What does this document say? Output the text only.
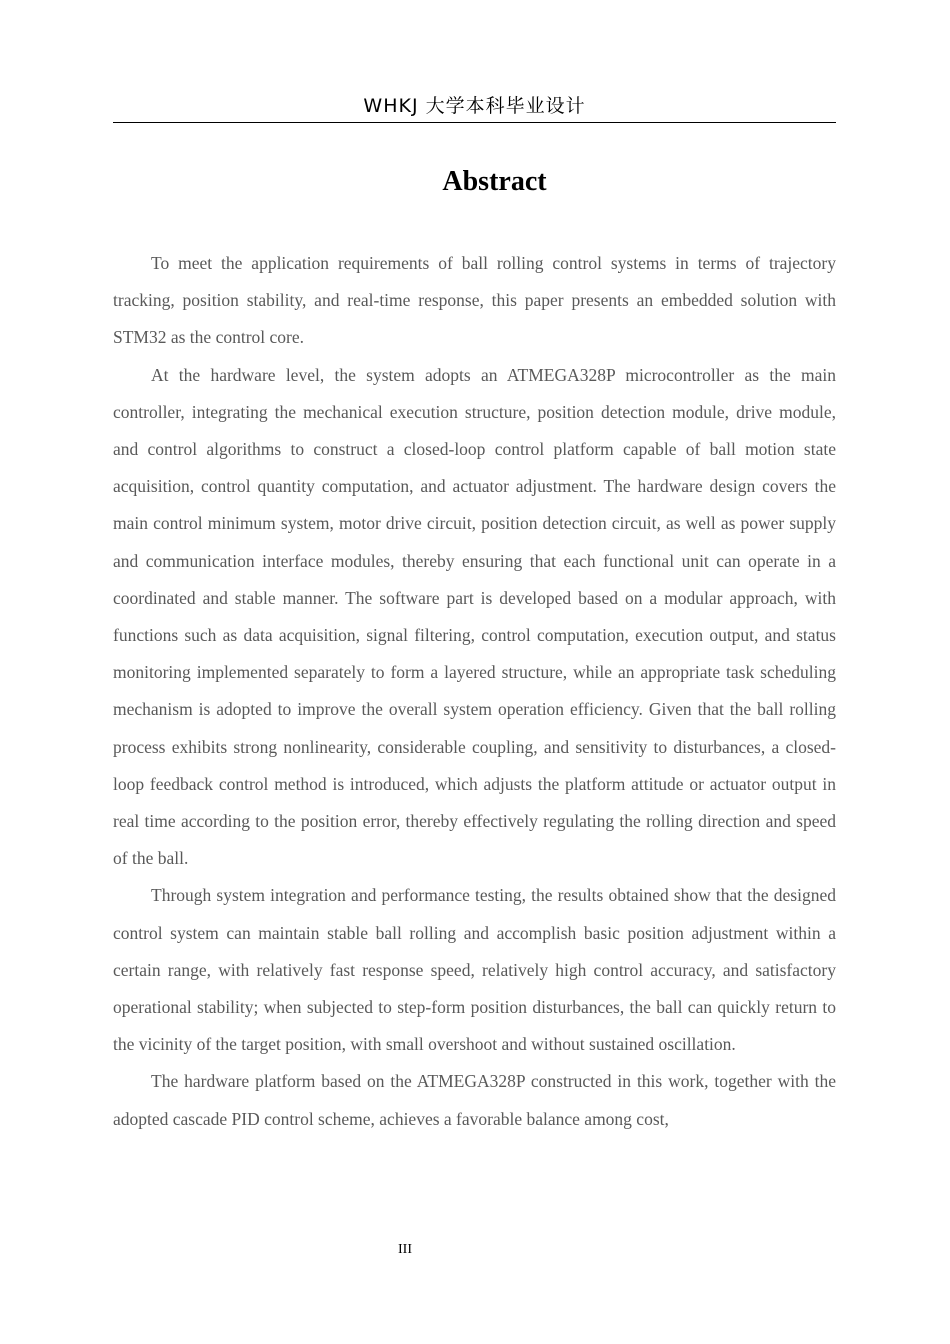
WHKJ 大学本科毕业设计
Abstract

To meet the application requirements of ball rolling control systems in terms of trajectory tracking, position stability, and real-time response, this paper presents an embedded solution with STM32 as the control core.

At the hardware level, the system adopts an ATMEGA328P microcontroller as the main controller, integrating the mechanical execution structure, position detection module, drive module, and control algorithms to construct a closed-loop control platform capable of ball motion state acquisition, control quantity computation, and actuator adjustment. The hardware design covers the main control minimum system, motor drive circuit, position detection circuit, as well as power supply and communication interface modules, thereby ensuring that each functional unit can operate in a coordinated and stable manner. The software part is developed based on a modular approach, with functions such as data acquisition, signal filtering, control computation, execution output, and status monitoring implemented separately to form a layered structure, while an appropriate task scheduling mechanism is adopted to improve the overall system operation efficiency. Given that the ball rolling process exhibits strong nonlinearity, considerable coupling, and sensitivity to disturbances, a closed-loop feedback control method is introduced, which adjusts the platform attitude or actuator output in real time according to the position error, thereby effectively regulating the rolling direction and speed of the ball.

Through system integration and performance testing, the results obtained show that the designed control system can maintain stable ball rolling and accomplish basic position adjustment within a certain range, with relatively fast response speed, relatively high control accuracy, and satisfactory operational stability; when subjected to step-form position disturbances, the ball can quickly return to the vicinity of the target position, with small overshoot and without sustained oscillation.

The hardware platform based on the ATMEGA328P constructed in this work, together with the adopted cascade PID control scheme, achieves a favorable balance among cost,

III
